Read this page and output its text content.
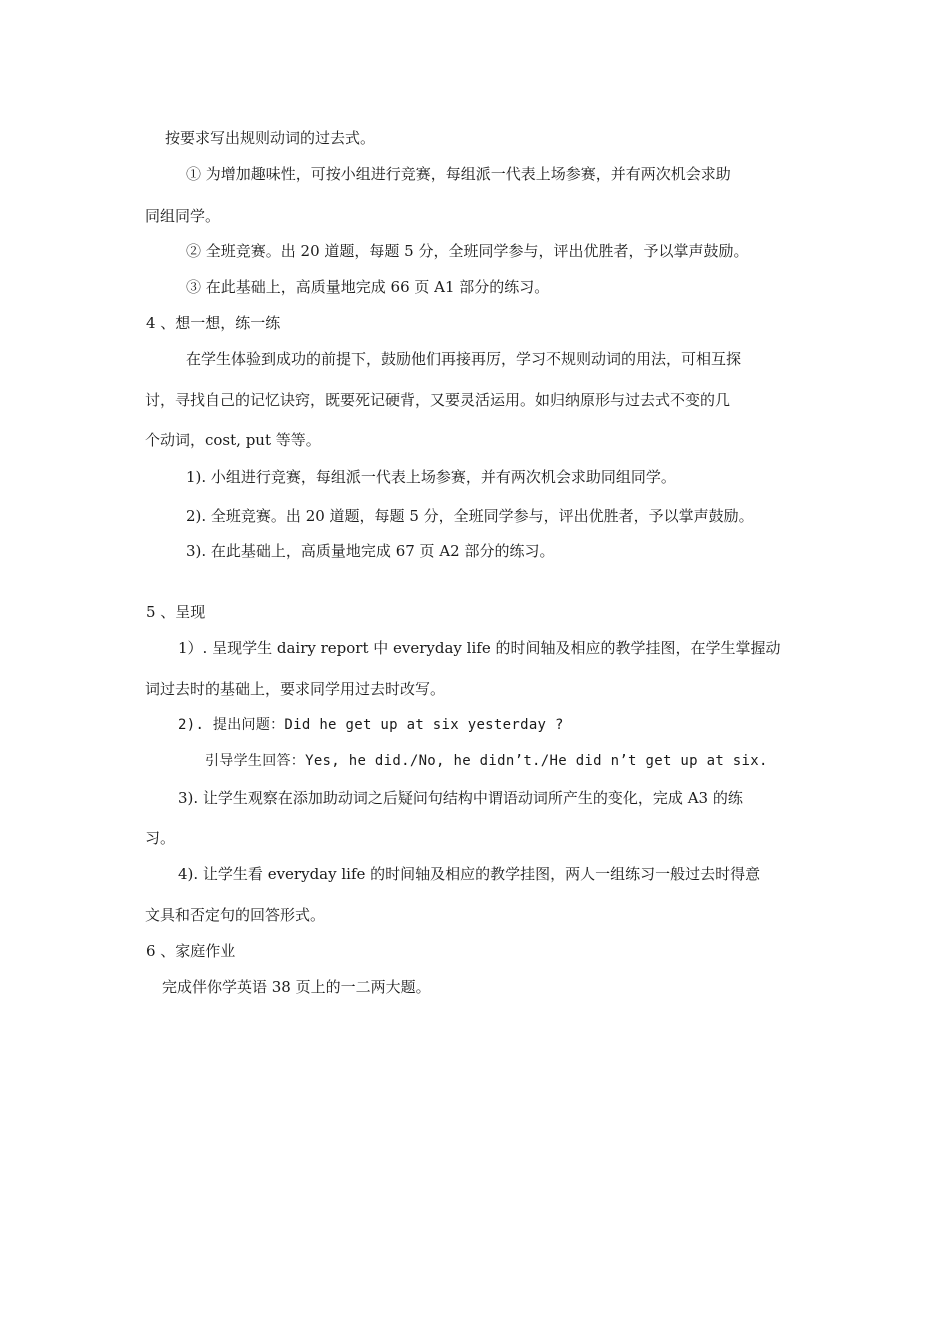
按要求写出规则动词的过去式。
① 为增加趣味性，可按小组进行竞赛，每组派一代表上场参赛，并有两次机会求助
同组同学。
② 全班竞赛。出 20 道题，每题 5 分，全班同学参与，评出优胜者，予以掌声鼓励。
③ 在此基础上，高质量地完成 66 页 A1 部分的练习。
4 、想一想，练一练
在学生体验到成功的前提下，鼓励他们再接再厉，学习不规则动词的用法，可相互探
讨，寻找自己的记忆诀窍，既要死记硬背，又要灵活运用。如归纳原形与过去式不变的几
个动词，cost, put 等等。
1). 小组进行竞赛，每组派一代表上场参赛，并有两次机会求助同组同学。
2). 全班竞赛。出 20 道题，每题 5 分，全班同学参与，评出优胜者，予以掌声鼓励。
3). 在此基础上，高质量地完成 67 页 A2 部分的练习。
5 、呈现
1）. 呈现学生 dairy report 中 everyday life 的时间轴及相应的教学挂图，在学生掌握动
词过去时的基础上，要求同学用过去时改写。
2). 提出问题：Did he get up at six yesterday ?
引导学生回答：Yes, he did./No, he didn’t./He did n’t get up at six.
3). 让学生观察在添加助动词之后疑问句结构中谓语动词所产生的变化，完成 A3 的练
习。
4). 让学生看 everyday life 的时间轴及相应的教学挂图，两人一组练习一般过去时得意
文具和否定句的回答形式。
6 、家庭作业
完成伴你学英语 38 页上的一二两大题。
